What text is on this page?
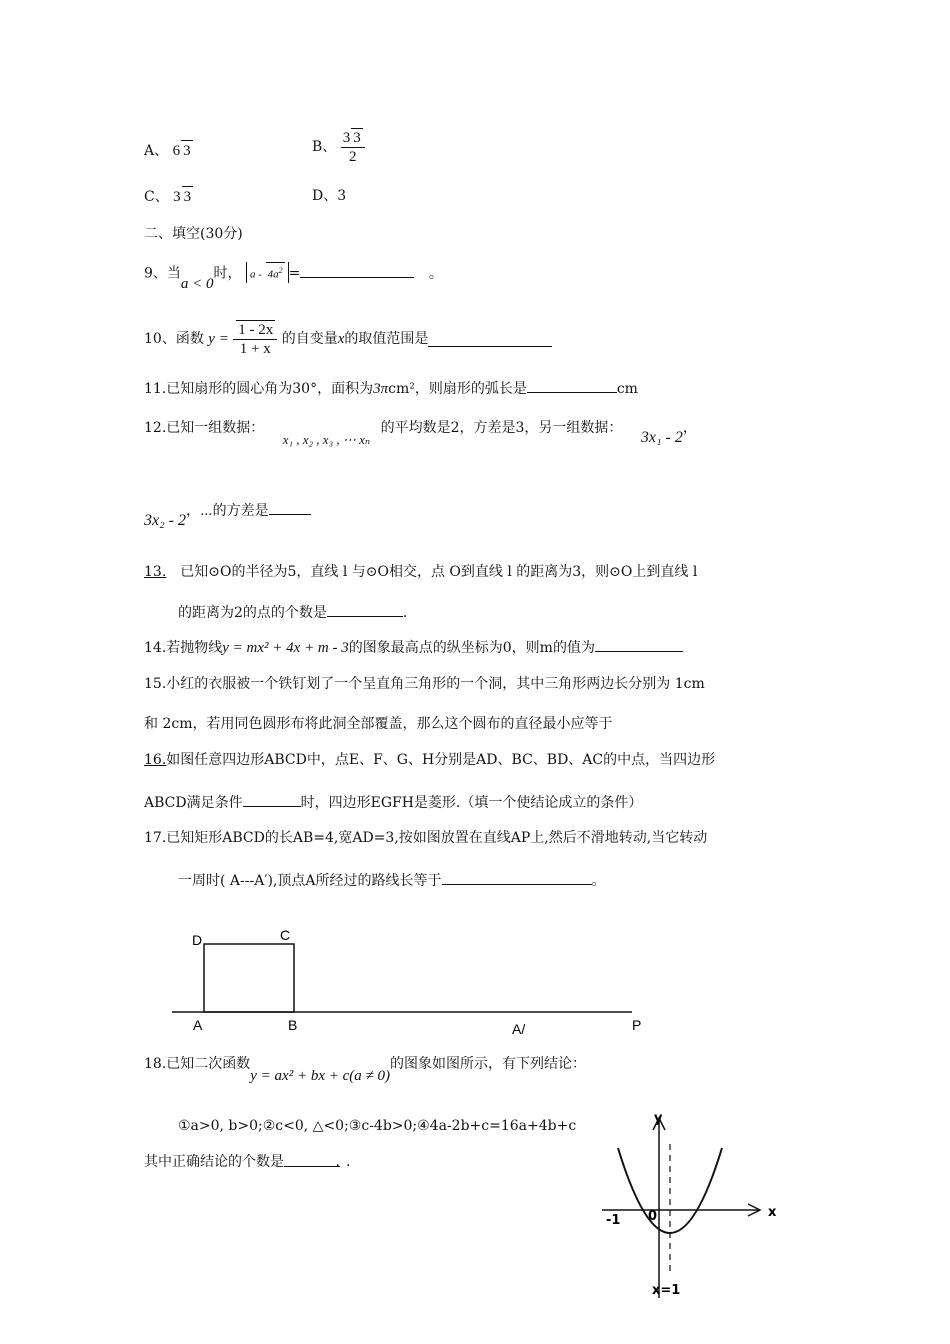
A、 6 3	B、 $\frac{3 3}{2}$
C、 3 3	D、3
二、填空(30分)
9、当a < 0时， a - $4a^2$ =	。
10、函数 $y = \frac{1 - 2x}{1 + x}$ 的自变量x的取值范围是
11.已知扇形的圆心角为30°，面积为3πcm²，则扇形的弧长是	cm
12.已知一组数据： x₁ , x₂ , x₃ , ⋯ xₙ 的平均数是2，方差是3，另一组数据： 3x₁ - 2，
3x₂ - 2，⋯的方差是
13. 已知⊙O的半径为5，直线 l 与⊙O相交，点 O到直线 l 的距离为3，则⊙O上到直线 l
的距离为2的点的个数是	.
14.若抛物线y = mx² + 4x + m - 3的图象最高点的纵坐标为0，则m的值为
15.小红的衣服被一个铁钉划了一个呈直角三角形的一个洞，其中三角形两边长分别为 1cm
和 2cm，若用同色圆形布将此洞全部覆盖，那么这个圆布的直径最小应等于
16.如图任意四边形ABCD中，点E、F、G、H分别是AD、BC、BD、AC的中点，当四边形
ABCD满足条件	时，四边形EGFH是菱形.（填一个使结论成立的条件）
17.已知矩形ABCD的长AB=4,宽AD=3,按如图放置在直线AP上,然后不滑地转动,当它转动
一周时( A---A′),顶点A所经过的路线长等于	。
D	C
A	B	A/	P
18.已知二次函数y = ax² + bx + c(a ≠ 0)的图象如图所示，有下列结论：
①a>0, b>0;②c<0, △<0;③c-4b>0;④4a-2b+c=16a+4b+c
其中正确结论的个数是	. .
y
x
-1 0
x=1
